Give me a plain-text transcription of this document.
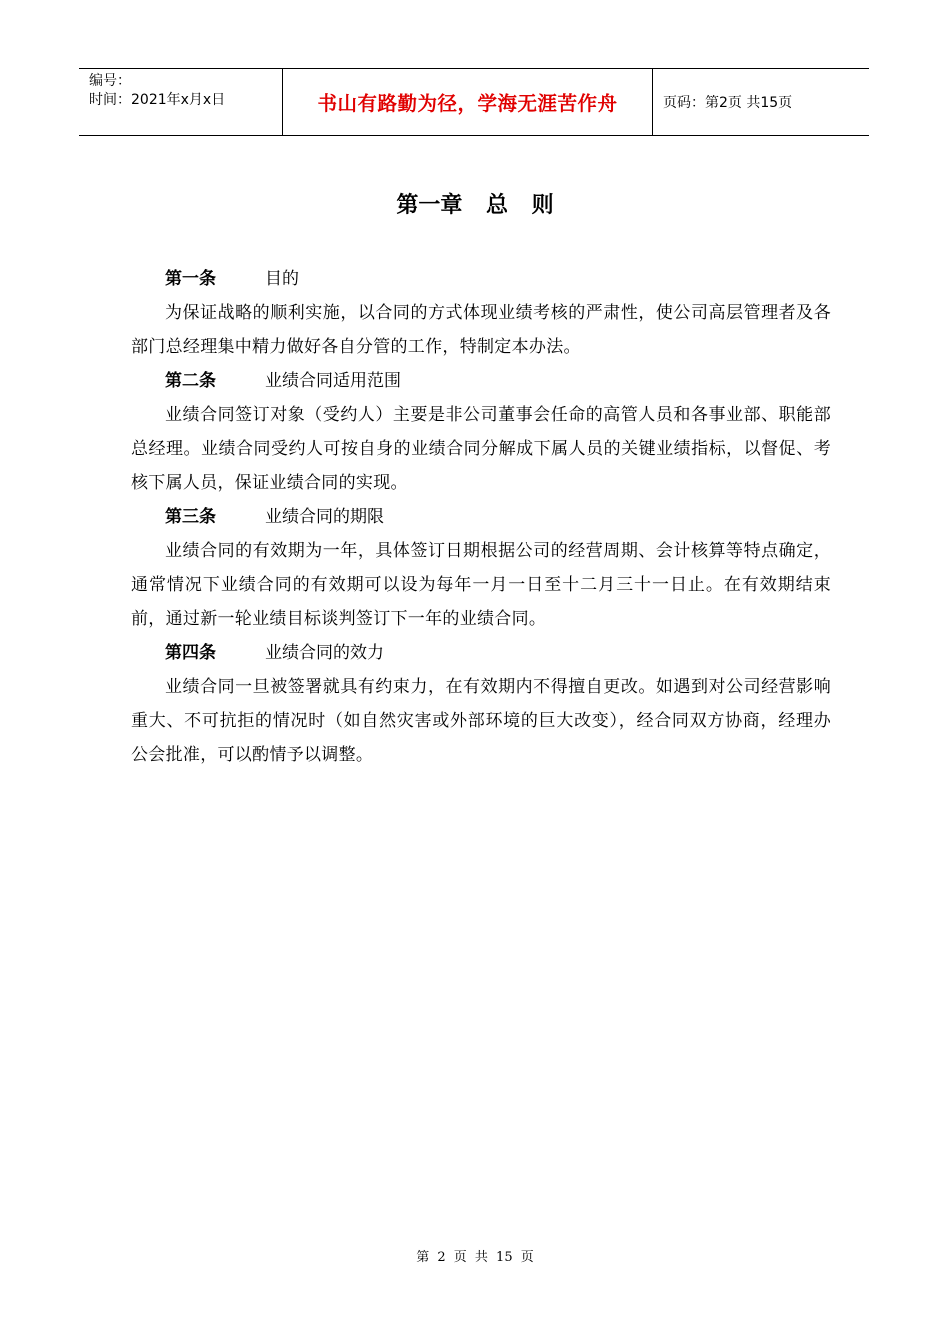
编号：
时间：2021年x月x日	书山有路勤为径，学海无涯苦作舟	页码：第2页 共15页
第一章 总 则
第一条	目的
为保证战略的顺利实施，以合同的方式体现业绩考核的严肃性，使公司高层管理者及各部门总经理集中精力做好各自分管的工作，特制定本办法。
第二条	业绩合同适用范围
业绩合同签订对象（受约人）主要是非公司董事会任命的高管人员和各事业部、职能部总经理。业绩合同受约人可按自身的业绩合同分解成下属人员的关键业绩指标，以督促、考核下属人员，保证业绩合同的实现。
第三条	业绩合同的期限
业绩合同的有效期为一年，具体签订日期根据公司的经营周期、会计核算等特点确定，通常情况下业绩合同的有效期可以设为每年一月一日至十二月三十一日止。在有效期结束前，通过新一轮业绩目标谈判签订下一年的业绩合同。
第四条	业绩合同的效力
业绩合同一旦被签署就具有约束力，在有效期内不得擅自更改。如遇到对公司经营影响重大、不可抗拒的情况时（如自然灾害或外部环境的巨大改变），经合同双方协商，经理办公会批准，可以酌情予以调整。
第 2 页 共 15 页
